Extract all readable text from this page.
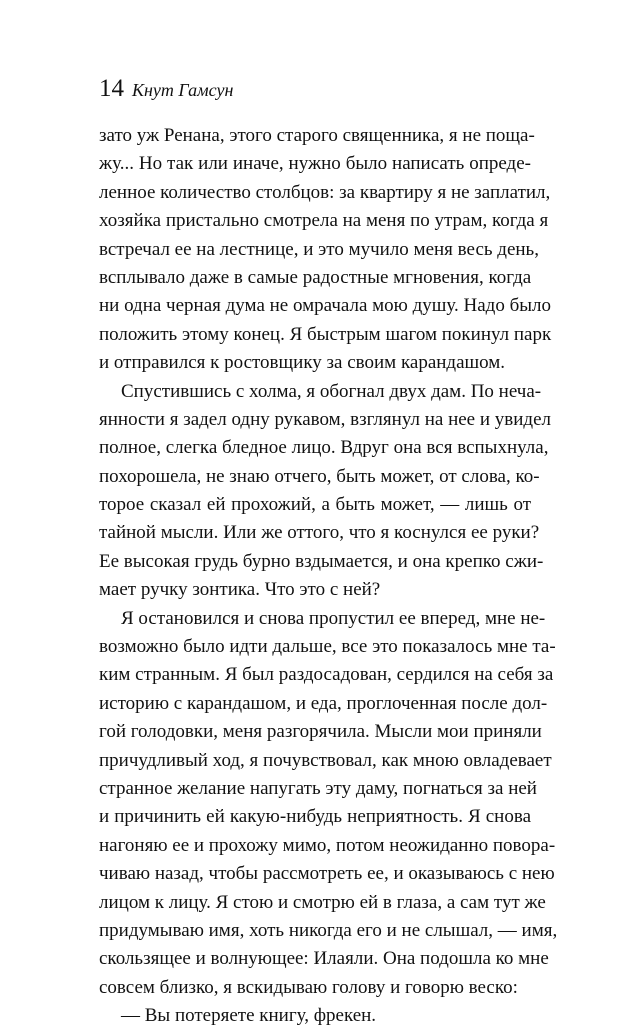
14 Кнут Гамсун
зато уж Ренана, этого старого священника, я не поща-
жу... Но так или иначе, нужно было написать опреде-
ленное количество столбцов: за квартиру я не заплатил,
хозяйка пристально смотрела на меня по утрам, когда я
встречал ее на лестнице, и это мучило меня весь день,
всплывало даже в самые радостные мгновения, когда
ни одна черная дума не омрачала мою душу. Надо было
положить этому конец. Я быстрым шагом покинул парк
и отправился к ростовщику за своим карандашом.
Спустившись с холма, я обогнал двух дам. По неча-
янности я задел одну рукавом, взглянул на нее и увидел
полное, слегка бледное лицо. Вдруг она вся вспыхнула,
похорошела, не знаю отчего, быть может, от слова, ко-
торое сказал ей прохожий, а быть может, — лишь от
тайной мысли. Или же оттого, что я коснулся ее руки?
Ее высокая грудь бурно вздымается, и она крепко сжи-
мает ручку зонтика. Что это с ней?
Я остановился и снова пропустил ее вперед, мне не-
возможно было идти дальше, все это показалось мне та-
ким странным. Я был раздосадован, сердился на себя за
историю с карандашом, и еда, проглоченная после дол-
гой голодовки, меня разгорячила. Мысли мои приняли
причудливый ход, я почувствовал, как мною овладевает
странное желание напугать эту даму, погнаться за ней
и причинить ей какую-нибудь неприятность. Я снова
нагоняю ее и прохожу мимо, потом неожиданно повора-
чиваю назад, чтобы рассмотреть ее, и оказываюсь с нею
лицом к лицу. Я стою и смотрю ей в глаза, а сам тут же
придумываю имя, хоть никогда его и не слышал, — имя,
скользящее и волнующее: Илаяли. Она подошла ко мне
совсем близко, я вскидываю голову и говорю веско:
— Вы потеряете книгу, фрекен.
